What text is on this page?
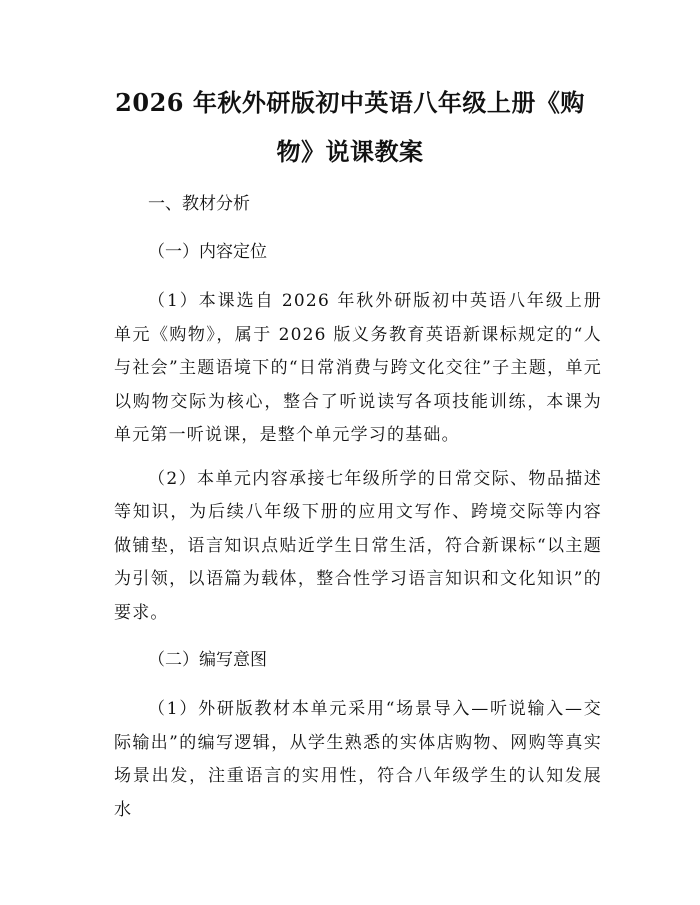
2026 年秋外研版初中英语八年级上册《购
物》说课教案
一、教材分析
（一）内容定位

（1）本课选自 2026 年秋外研版初中英语八年级上册单元《购物》，属于 2026 版义务教育英语新课标规定的“人与社会”主题语境下的“日常消费与跨文化交往”子主题，单元以购物交际为核心，整合了听说读写各项技能训练，本课为单元第一听说课，是整个单元学习的基础。

（2）本单元内容承接七年级所学的日常交际、物品描述等知识，为后续八年级下册的应用文写作、跨境交际等内容做铺垫，语言知识点贴近学生日常生活，符合新课标“以主题为引领，以语篇为载体，整合性学习语言知识和文化知识”的要求。

（二）编写意图

（1）外研版教材本单元采用“场景导入—听说输入—交际输出”的编写逻辑，从学生熟悉的实体店购物、网购等真实场景出发，注重语言的实用性，符合八年级学生的认知发展水
